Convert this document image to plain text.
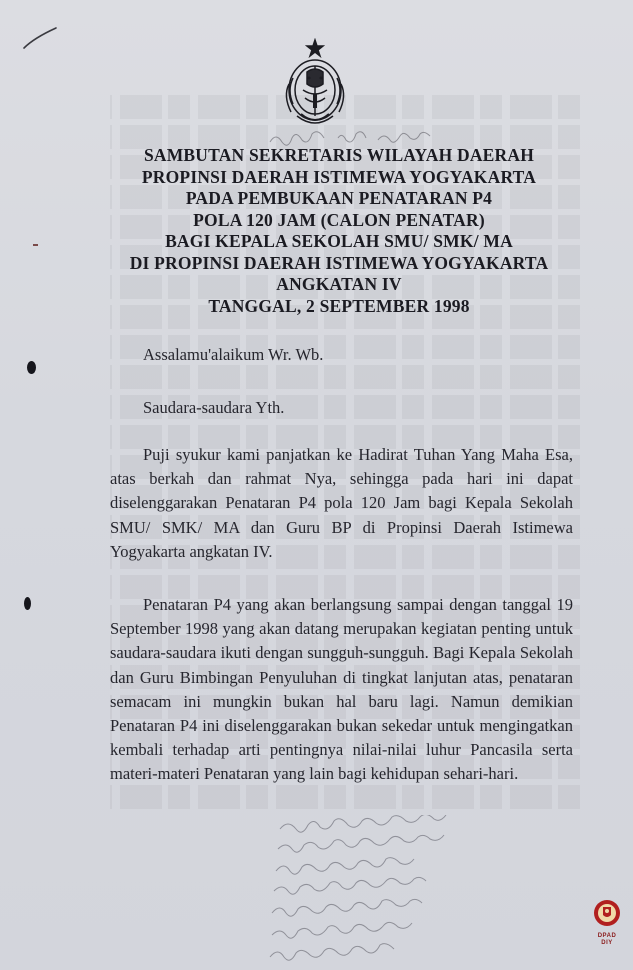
SAMBUTAN SEKRETARIS WILAYAH DAERAH
PROPINSI DAERAH ISTIMEWA YOGYAKARTA
PADA PEMBUKAAN PENATARAN P4
POLA 120 JAM (CALON PENATAR)
BAGI KEPALA SEKOLAH SMU/ SMK/ MA
DI PROPINSI DAERAH ISTIMEWA YOGYAKARTA
ANGKATAN IV
TANGGAL, 2 SEPTEMBER 1998
Assalamu'alaikum Wr. Wb.
Saudara-saudara Yth.
Puji syukur kami panjatkan ke Hadirat Tuhan Yang Maha Esa, atas berkah dan rahmat Nya, sehingga pada hari ini dapat diselenggarakan Penataran P4 pola 120 Jam bagi Kepala Sekolah SMU/ SMK/ MA dan Guru BP di Propinsi Daerah Istimewa Yogyakarta angkatan IV.
Penataran P4 yang akan berlangsung sampai dengan tanggal 19 September 1998 yang akan datang merupakan kegiatan penting untuk saudara-saudara ikuti dengan sungguh-sungguh. Bagi Kepala Sekolah dan Guru Bimbingan Penyuluhan di tingkat lanjutan atas, penataran semacam ini mungkin bukan hal baru lagi. Namun demikian Penataran P4 ini diselenggarakan bukan sekedar untuk mengingatkan kembali terhadap arti pentingnya nilai-nilai luhur Pancasila serta materi-materi Penataran yang lain bagi kehidupan sehari-hari.
DPAD
DIY
